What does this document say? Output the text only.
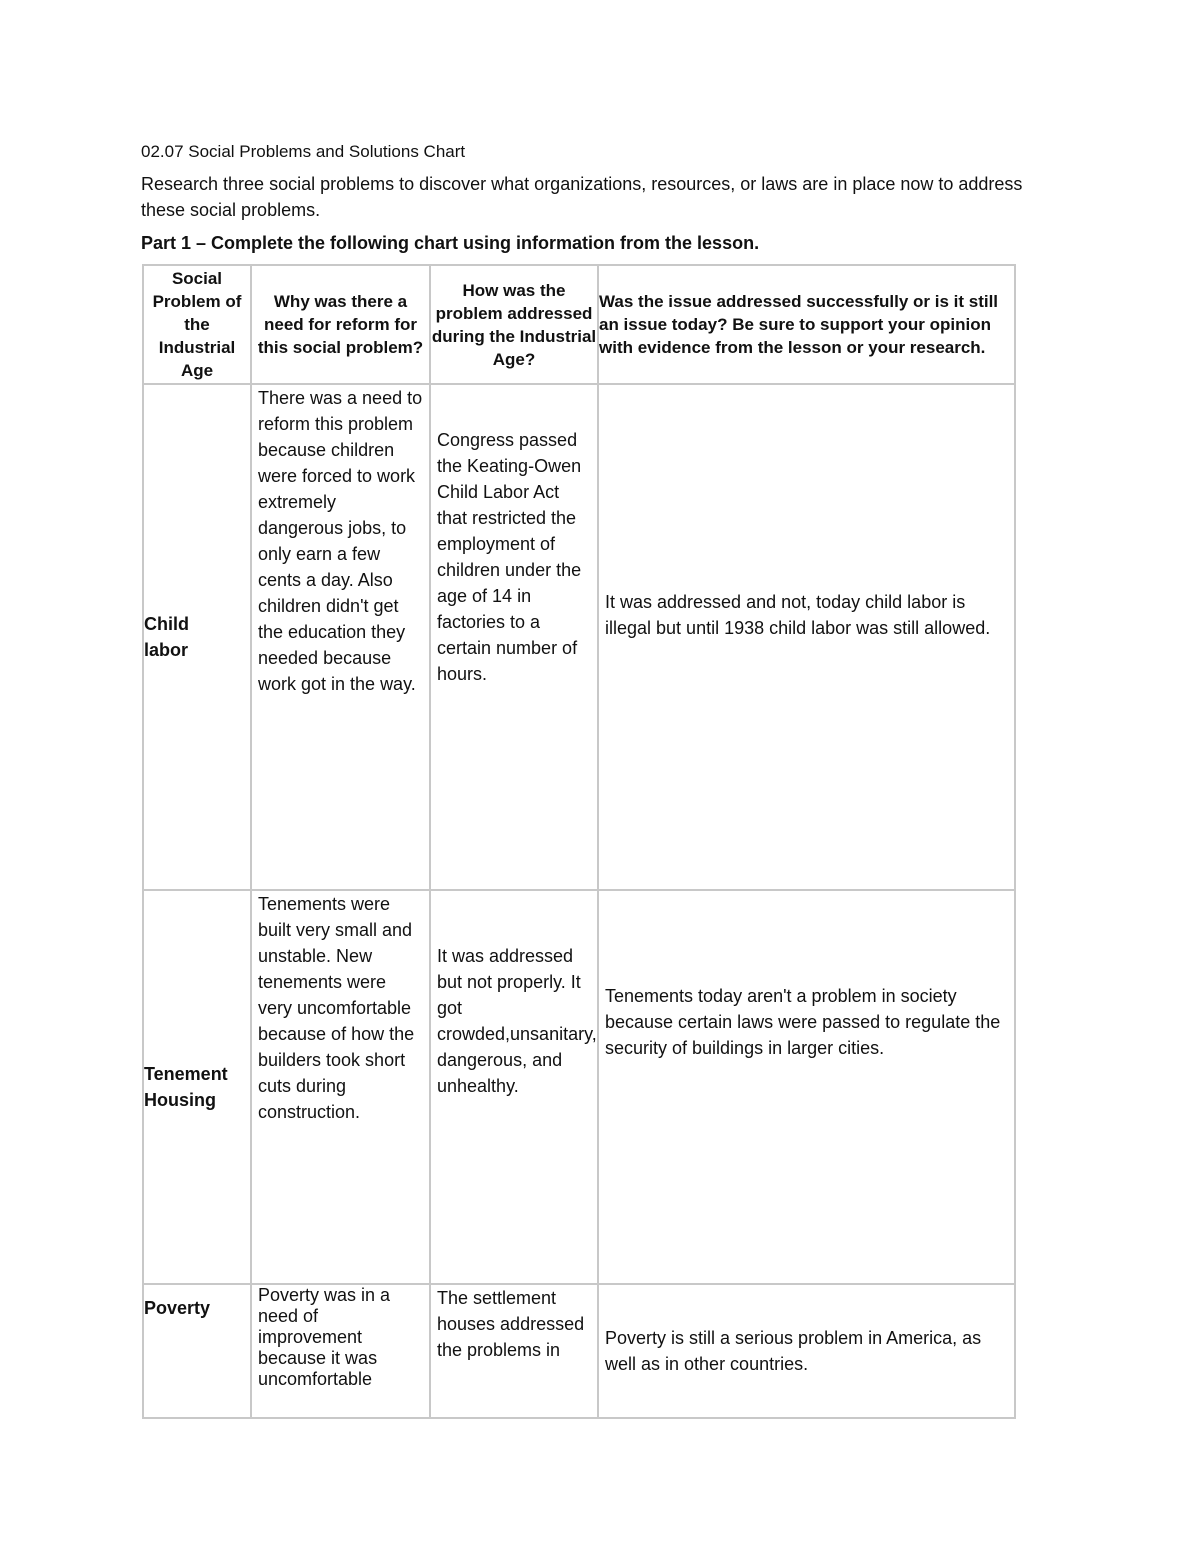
02.07 Social Problems and Solutions Chart
Research three social problems to discover what organizations, resources, or laws are in place now to address these social problems.
Part 1 – Complete the following chart using information from the lesson.
Social Problem of the Industrial Age	Why was there a need for reform for this social problem?	How was the problem addressed during the Industrial Age?	Was the issue addressed successfully or is it still an issue today? Be sure to support your opinion with evidence from the lesson or your research.

Child labor	There was a need to reform this problem because children were forced to work extremely dangerous jobs, to only earn a few cents a day. Also children didn't get the education they needed because work got in the way.	Congress passed the Keating-Owen Child Labor Act that restricted the employment of children under the age of 14 in factories to a certain number of hours.	It was addressed and not, today child labor is illegal but until 1938 child labor was still allowed.

Tenement Housing	Tenements were built very small and unstable. New tenements were very uncomfortable because of how the builders took short cuts during construction.	It was addressed but not properly. It got crowded,unsanitary, dangerous, and unhealthy.	Tenements today aren't a problem in society because certain laws were passed to regulate the security of buildings in larger cities.

Poverty	Poverty was in a need of improvement because it was uncomfortable	The settlement houses addressed the problems in	Poverty is still a serious problem in America, as well as in other countries.
